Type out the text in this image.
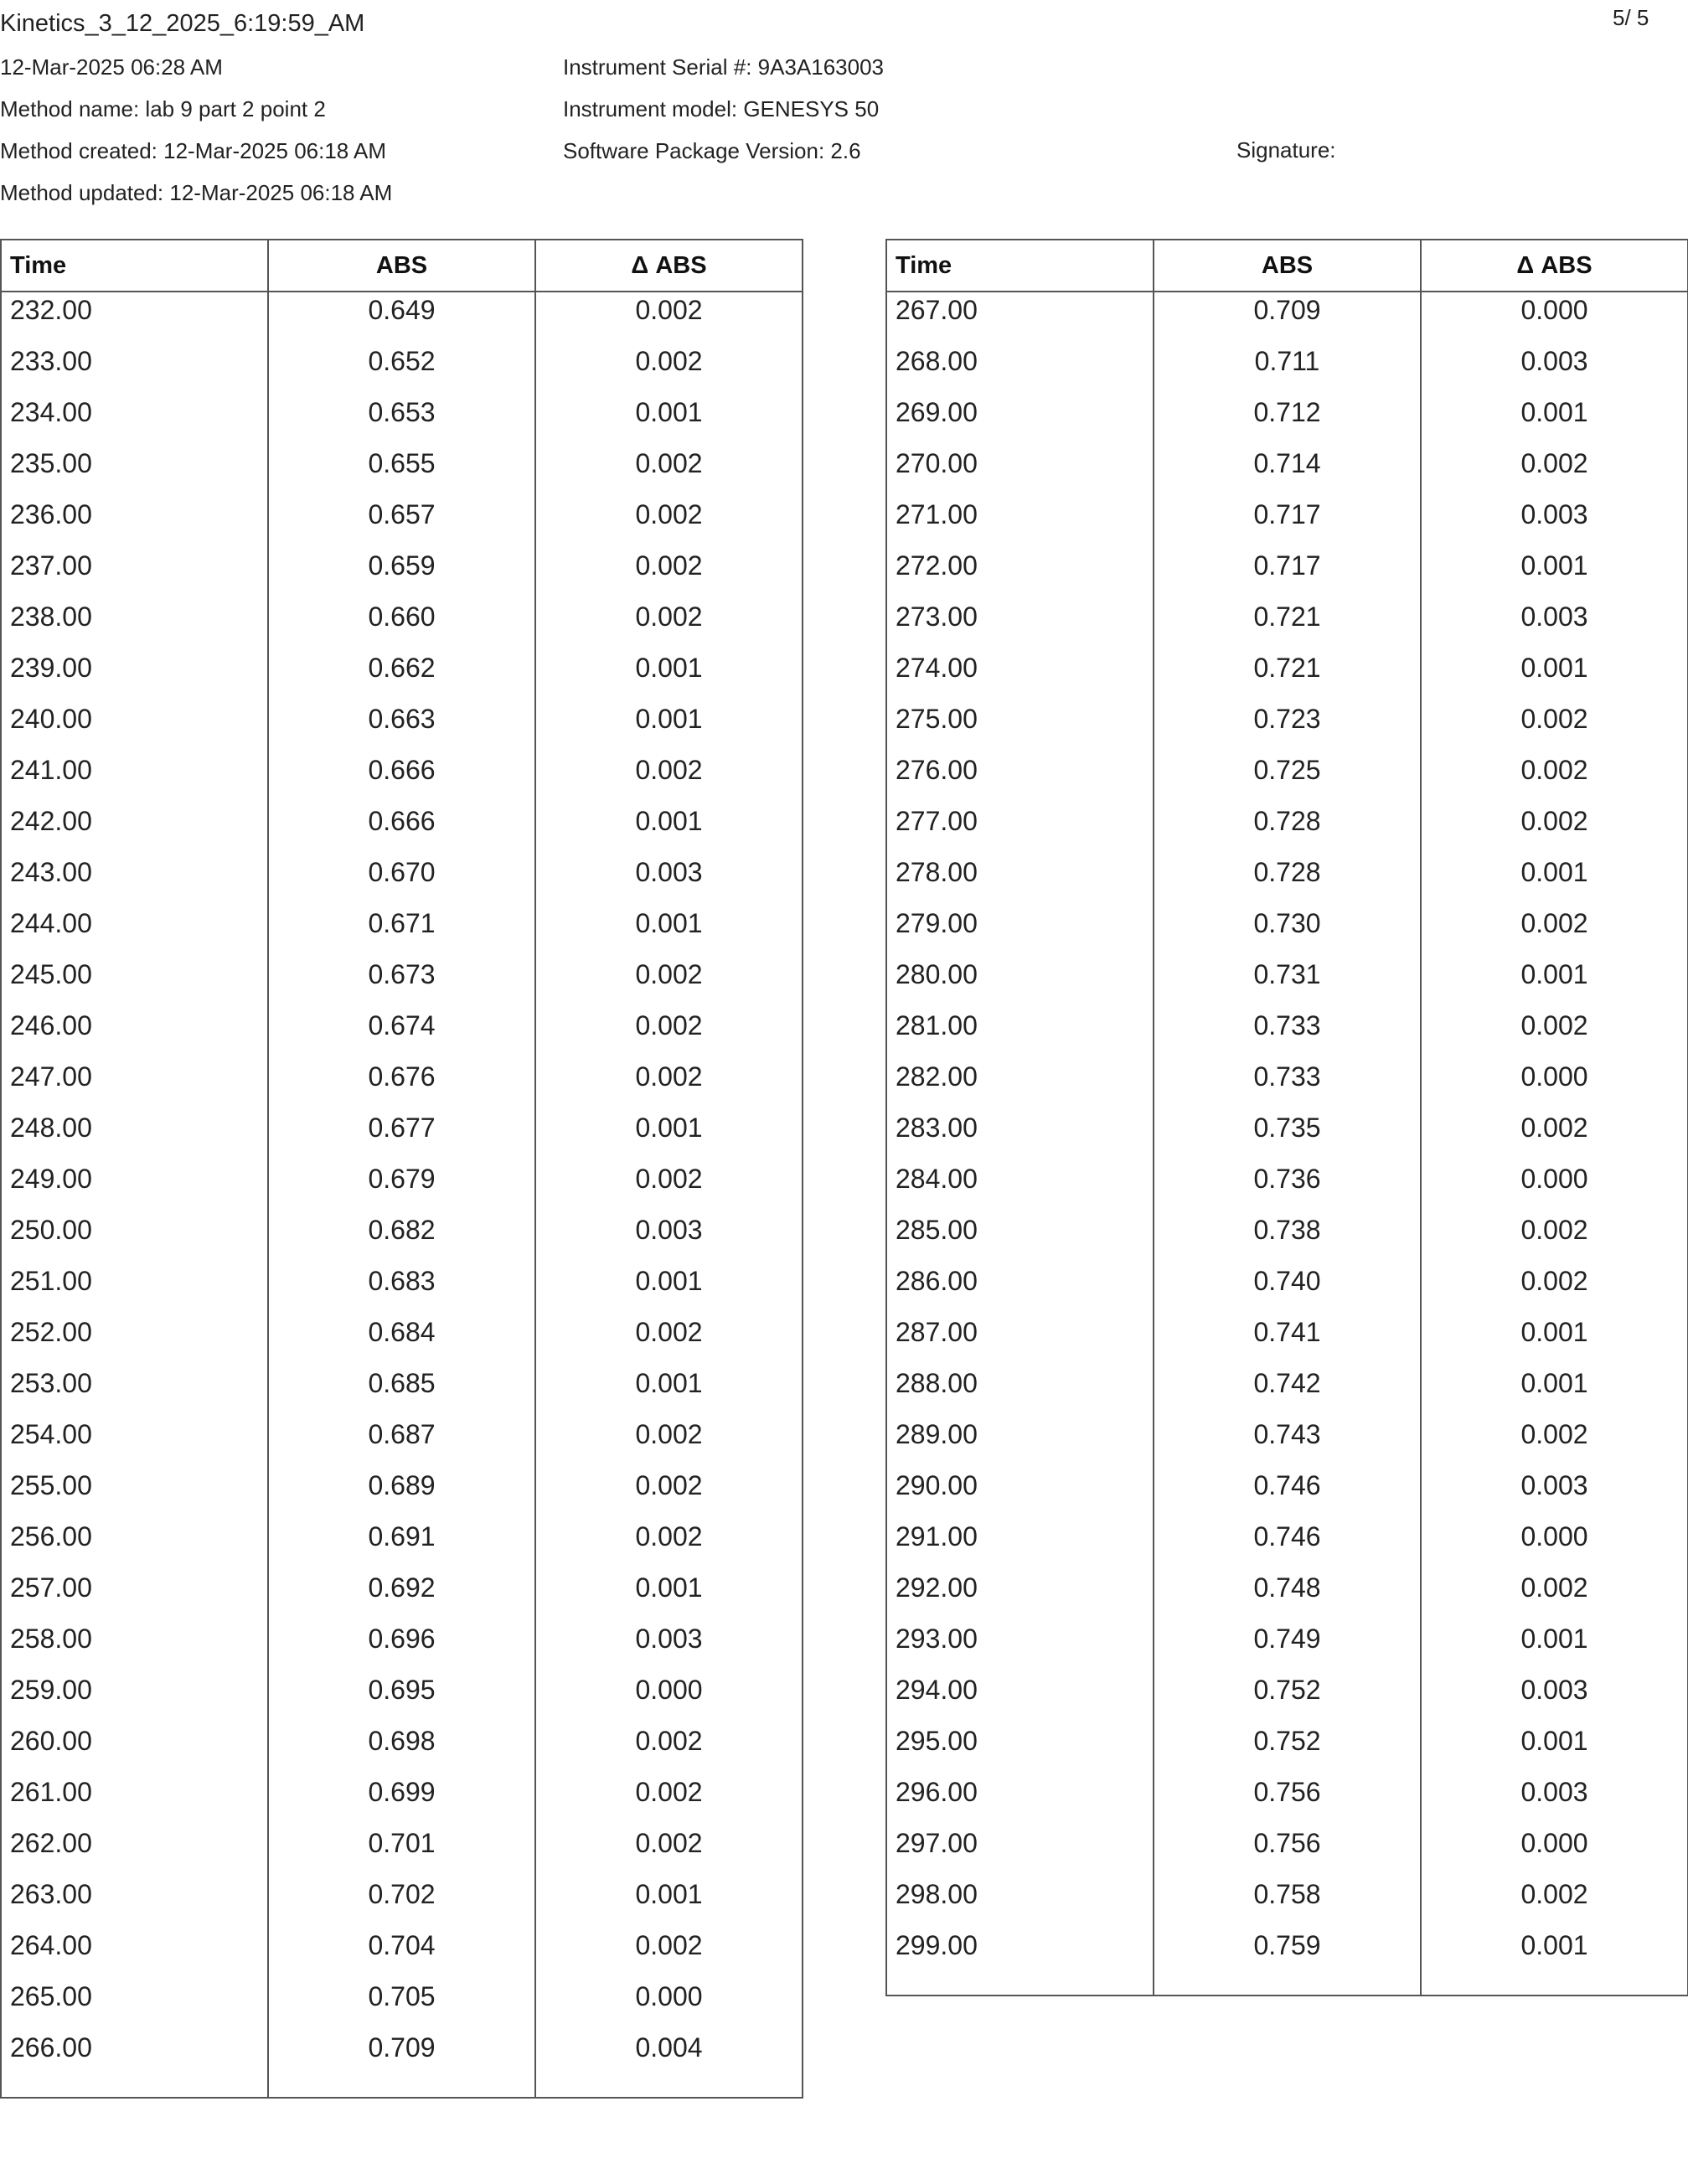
Kinetics_3_12_2025_6:19:59_AM	5/ 5
12-Mar-2025 06:28 AM
Method name: lab 9 part 2 point 2
Method created: 12-Mar-2025 06:18 AM
Method updated: 12-Mar-2025 06:18 AM
Instrument Serial #: 9A3A163003
Instrument model: GENESYS 50
Software Package Version: 2.6	Signature:
Time	ABS	Δ ABS
232.00	0.649	0.002
233.00	0.652	0.002
234.00	0.653	0.001
235.00	0.655	0.002
236.00	0.657	0.002
237.00	0.659	0.002
238.00	0.660	0.002
239.00	0.662	0.001
240.00	0.663	0.001
241.00	0.666	0.002
242.00	0.666	0.001
243.00	0.670	0.003
244.00	0.671	0.001
245.00	0.673	0.002
246.00	0.674	0.002
247.00	0.676	0.002
248.00	0.677	0.001
249.00	0.679	0.002
250.00	0.682	0.003
251.00	0.683	0.001
252.00	0.684	0.002
253.00	0.685	0.001
254.00	0.687	0.002
255.00	0.689	0.002
256.00	0.691	0.002
257.00	0.692	0.001
258.00	0.696	0.003
259.00	0.695	0.000
260.00	0.698	0.002
261.00	0.699	0.002
262.00	0.701	0.002
263.00	0.702	0.001
264.00	0.704	0.002
265.00	0.705	0.000
266.00	0.709	0.004
Time	ABS	Δ ABS
267.00	0.709	0.000
268.00	0.711	0.003
269.00	0.712	0.001
270.00	0.714	0.002
271.00	0.717	0.003
272.00	0.717	0.001
273.00	0.721	0.003
274.00	0.721	0.001
275.00	0.723	0.002
276.00	0.725	0.002
277.00	0.728	0.002
278.00	0.728	0.001
279.00	0.730	0.002
280.00	0.731	0.001
281.00	0.733	0.002
282.00	0.733	0.000
283.00	0.735	0.002
284.00	0.736	0.000
285.00	0.738	0.002
286.00	0.740	0.002
287.00	0.741	0.001
288.00	0.742	0.001
289.00	0.743	0.002
290.00	0.746	0.003
291.00	0.746	0.000
292.00	0.748	0.002
293.00	0.749	0.001
294.00	0.752	0.003
295.00	0.752	0.001
296.00	0.756	0.003
297.00	0.756	0.000
298.00	0.758	0.002
299.00	0.759	0.001
